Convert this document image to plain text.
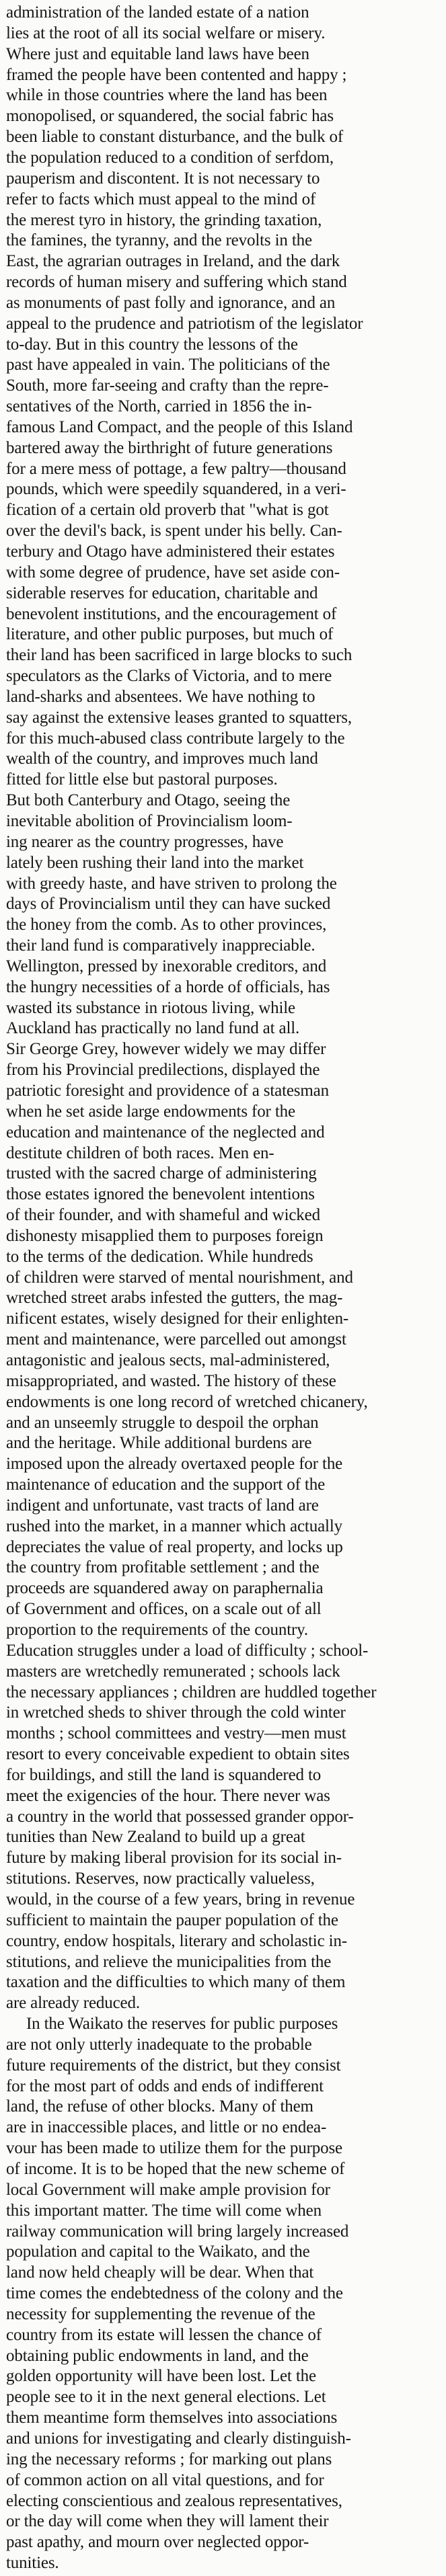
administration of the landed estate of a nation
lies at the root of all its social welfare or misery.
Where just and equitable land laws have been
framed the people have been contented and happy ;
while in those countries where the land has been
monopolised, or squandered, the social fabric has
been liable to constant disturbance, and the bulk of
the population reduced to a condition of serfdom,
pauperism and discontent. It is not necessary to
refer to facts which must appeal to the mind of
the merest tyro in history, the grinding taxation,
the famines, the tyranny, and the revolts in the
East, the agrarian outrages in Ireland, and the dark
records of human misery and suffering which stand
as monuments of past folly and ignorance, and an
appeal to the prudence and patriotism of the legislator
to-day. But in this country the lessons of the
past have appealed in vain. The politicians of the
South, more far-seeing and crafty than the repre-
sentatives of the North, carried in 1856 the in-
famous Land Compact, and the people of this Island
bartered away the birthright of future generations
for a mere mess of pottage, a few paltry—thousand
pounds, which were speedily squandered, in a veri-
fication of a certain old proverb that "what is got
over the devil's back, is spent under his belly. Can-
terbury and Otago have administered their estates
with some degree of prudence, have set aside con-
siderable reserves for education, charitable and
benevolent institutions, and the encouragement of
literature, and other public purposes, but much of
their land has been sacrificed in large blocks to such
speculators as the Clarks of Victoria, and to mere
land-sharks and absentees. We have nothing to
say against the extensive leases granted to squatters,
for this much-abused class contribute largely to the
wealth of the country, and improves much land
fitted for little else but pastoral purposes.
But both Canterbury and Otago, seeing the
inevitable abolition of Provincialism loom-
ing nearer as the country progresses, have
lately been rushing their land into the market
with greedy haste, and have striven to prolong the
days of Provincialism until they can have sucked
the honey from the comb. As to other provinces,
their land fund is comparatively inappreciable.
Wellington, pressed by inexorable creditors, and
the hungry necessities of a horde of officials, has
wasted its substance in riotous living, while
Auckland has practically no land fund at all.
Sir George Grey, however widely we may differ
from his Provincial predilections, displayed the
patriotic foresight and providence of a statesman
when he set aside large endowments for the
education and maintenance of the neglected and
destitute children of both races. Men en-
trusted with the sacred charge of administering
those estates ignored the benevolent intentions
of their founder, and with shameful and wicked
dishonesty misapplied them to purposes foreign
to the terms of the dedication. While hundreds
of children were starved of mental nourishment, and
wretched street arabs infested the gutters, the mag-
nificent estates, wisely designed for their enlighten-
ment and maintenance, were parcelled out amongst
antagonistic and jealous sects, mal-administered,
misappropriated, and wasted. The history of these
endowments is one long record of wretched chicanery,
and an unseemly struggle to despoil the orphan
and the heritage. While additional burdens are
imposed upon the already overtaxed people for the
maintenance of education and the support of the
indigent and unfortunate, vast tracts of land are
rushed into the market, in a manner which actually
depreciates the value of real property, and locks up
the country from profitable settlement ; and the
proceeds are squandered away on paraphernalia
of Government and offices, on a scale out of all
proportion to the requirements of the country.
Education struggles under a load of difficulty ; school-
masters are wretchedly remunerated ; schools lack
the necessary appliances ; children are huddled together
in wretched sheds to shiver through the cold winter
months ; school committees and vestry—men must
resort to every conceivable expedient to obtain sites
for buildings, and still the land is squandered to
meet the exigencies of the hour. There never was
a country in the world that possessed grander oppor-
tunities than New Zealand to build up a great
future by making liberal provision for its social in-
stitutions. Reserves, now practically valueless,
would, in the course of a few years, bring in revenue
sufficient to maintain the pauper population of the
country, endow hospitals, literary and scholastic in-
stitutions, and relieve the municipalities from the
taxation and the difficulties to which many of them
are already reduced.
In the Waikato the reserves for public purposes
are not only utterly inadequate to the probable
future requirements of the district, but they consist
for the most part of odds and ends of indifferent
land, the refuse of other blocks. Many of them
are in inaccessible places, and little or no endea-
vour has been made to utilize them for the purpose
of income. It is to be hoped that the new scheme of
local Government will make ample provision for
this important matter. The time will come when
railway communication will bring largely increased
population and capital to the Waikato, and the
land now held cheaply will be dear. When that
time comes the endebtedness of the colony and the
necessity for supplementing the revenue of the
country from its estate will lessen the chance of
obtaining public endowments in land, and the
golden opportunity will have been lost. Let the
people see to it in the next general elections. Let
them meantime form themselves into associations
and unions for investigating and clearly distinguish-
ing the necessary reforms ; for marking out plans
of common action on all vital questions, and for
electing conscientious and zealous representatives,
or the day will come when they will lament their
past apathy, and mourn over neglected oppor-
tunities.
